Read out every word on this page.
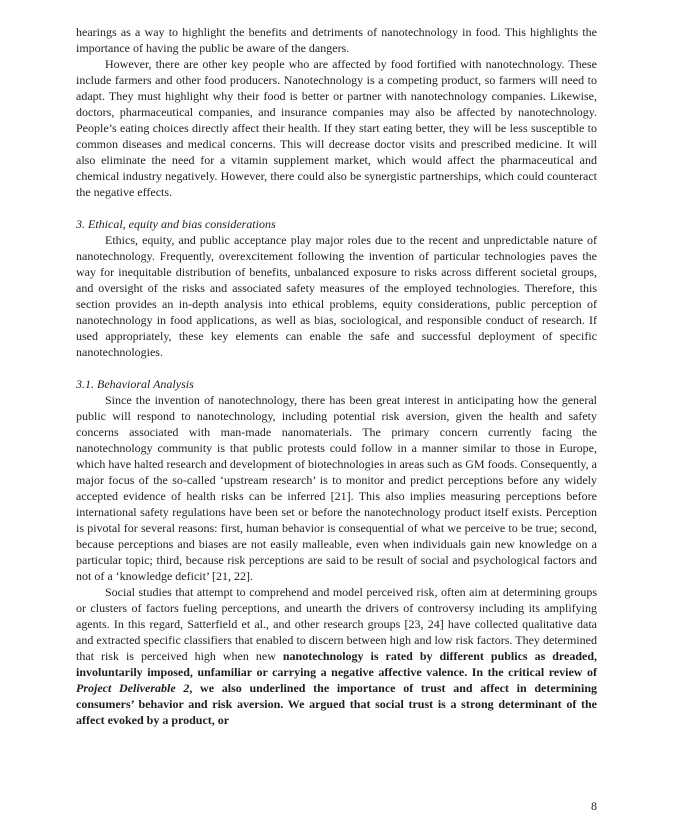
hearings as a way to highlight the benefits and detriments of nanotechnology in food. This highlights the importance of having the public be aware of the dangers.

However, there are other key people who are affected by food fortified with nanotechnology. These include farmers and other food producers. Nanotechnology is a competing product, so farmers will need to adapt. They must highlight why their food is better or partner with nanotechnology companies. Likewise, doctors, pharmaceutical companies, and insurance companies may also be affected by nanotechnology. People’s eating choices directly affect their health. If they start eating better, they will be less susceptible to common diseases and medical concerns. This will decrease doctor visits and prescribed medicine. It will also eliminate the need for a vitamin supplement market, which would affect the pharmaceutical and chemical industry negatively. However, there could also be synergistic partnerships, which could counteract the negative effects.

3. Ethical, equity and bias considerations

Ethics, equity, and public acceptance play major roles due to the recent and unpredictable nature of nanotechnology. Frequently, overexcitement following the invention of particular technologies paves the way for inequitable distribution of benefits, unbalanced exposure to risks across different societal groups, and oversight of the risks and associated safety measures of the employed technologies. Therefore, this section provides an in-depth analysis into ethical problems, equity considerations, public perception of nanotechnology in food applications, as well as bias, sociological, and responsible conduct of research. If used appropriately, these key elements can enable the safe and successful deployment of specific nanotechnologies.

3.1. Behavioral Analysis

Since the invention of nanotechnology, there has been great interest in anticipating how the general public will respond to nanotechnology, including potential risk aversion, given the health and safety concerns associated with man-made nanomaterials. The primary concern currently facing the nanotechnology community is that public protests could follow in a manner similar to those in Europe, which have halted research and development of biotechnologies in areas such as GM foods. Consequently, a major focus of the so-called ‘upstream research’ is to monitor and predict perceptions before any widely accepted evidence of health risks can be inferred [21]. This also implies measuring perceptions before international safety regulations have been set or before the nanotechnology product itself exists. Perception is pivotal for several reasons: first, human behavior is consequential of what we perceive to be true; second, because perceptions and biases are not easily malleable, even when individuals gain new knowledge on a particular topic; third, because risk perceptions are said to be result of social and psychological factors and not of a ‘knowledge deficit’ [21, 22].

Social studies that attempt to comprehend and model perceived risk, often aim at determining groups or clusters of factors fueling perceptions, and unearth the drivers of controversy including its amplifying agents. In this regard, Satterfield et al., and other research groups [23, 24] have collected qualitative data and extracted specific classifiers that enabled to discern between high and low risk factors. They determined that risk is perceived high when new nanotechnology is rated by different publics as dreaded, involuntarily imposed, unfamiliar or carrying a negative affective valence. In the critical review of Project Deliverable 2, we also underlined the importance of trust and affect in determining consumers’ behavior and risk aversion. We argued that social trust is a strong determinant of the affect evoked by a product, or

8
